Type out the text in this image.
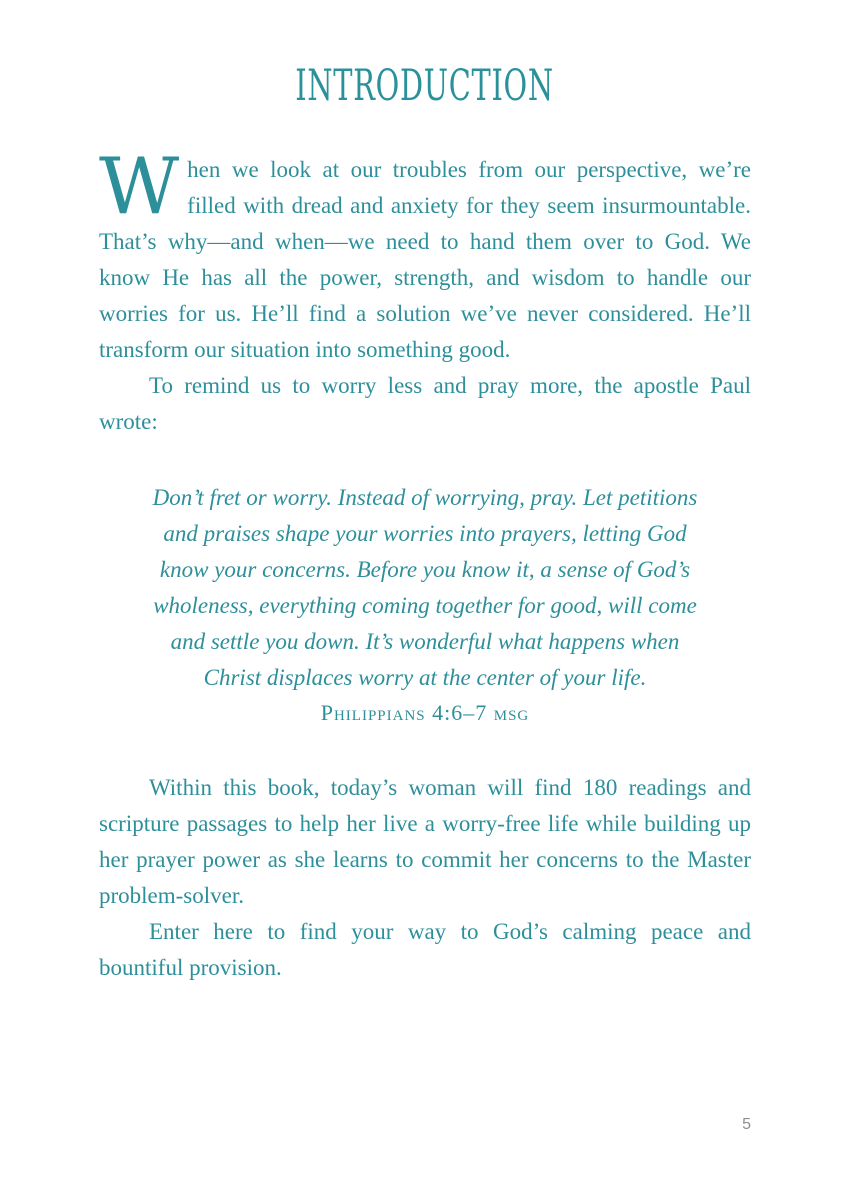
INTRODUCTION

When we look at our troubles from our perspective, we’re filled with dread and anxiety for they seem insurmountable. That’s why—and when—we need to hand them over to God. We know He has all the power, strength, and wisdom to handle our worries for us. He’ll find a solution we’ve never considered. He’ll transform our situation into something good.

To remind us to worry less and pray more, the apostle Paul wrote:

Don’t fret or worry. Instead of worrying, pray. Let petitions
and praises shape your worries into prayers, letting God
know your concerns. Before you know it, a sense of God’s
wholeness, everything coming together for good, will come
and settle you down. It’s wonderful what happens when
Christ displaces worry at the center of your life.
Philippians 4:6–7 msg

Within this book, today’s woman will find 180 readings and scripture passages to help her live a worry-free life while building up her prayer power as she learns to commit her concerns to the Master problem-solver.

Enter here to find your way to God’s calming peace and bountiful provision.

5
